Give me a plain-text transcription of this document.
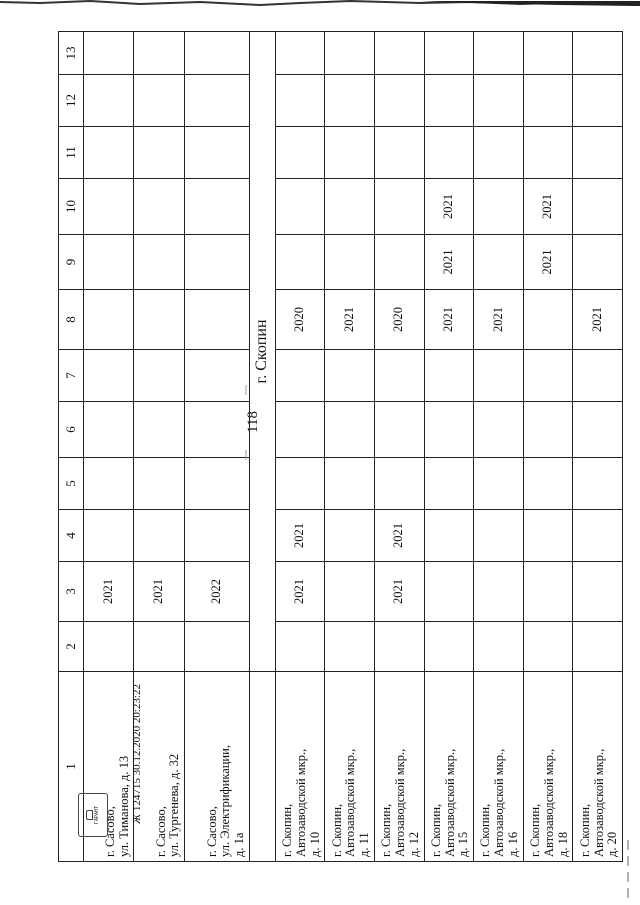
118
1	2	3	4	5	6	7	8	9	10	11	12	13
г. Сасово,
ул. Тиманова, д. 13		2021										
г. Сасово,
ул. Тургенева, д. 32		2021										
г. Сасово,
ул. Электрификации,
д. 1а		2022										
	г. Скопин											
г. Скопин,
Автозаводской мкр.,
д. 10		2021	2021				2020					
г. Скопин,
Автозаводской мкр.,
д. 11							2021					
г. Скопин,
Автозаводской мкр.,
д. 12		2021	2021				2020					
г. Скопин,
Автозаводской мкр.,
д. 15							2021	2021	2021			
г. Скопин,
Автозаводской мкр.,
д. 16							2021					
г. Скопин,
Автозаводской мкр.,
д. 18								2021	2021			
г. Скопин,
Автозаводской мкр.,
д. 20							2021					
ГАРАНТ	Ж 124715 30.12.2020 20:23:22
